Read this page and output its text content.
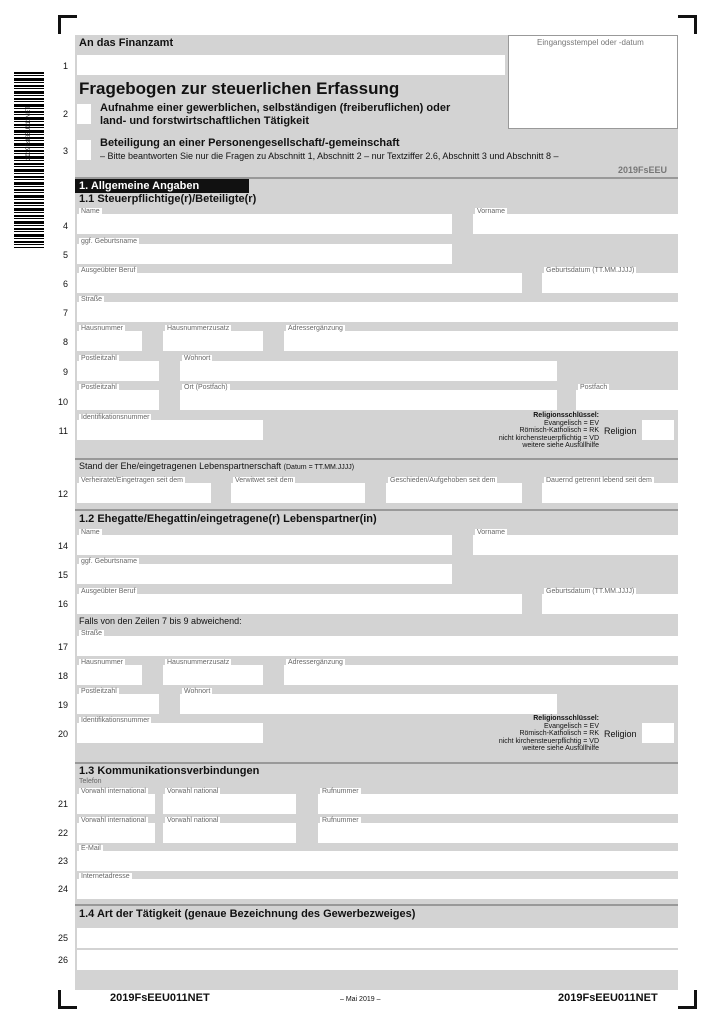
2019FsEEU011NET
An das Finanzamt	Eingangsstempel oder -datum
Fragebogen zur steuerlichen Erfassung
Aufnahme einer gewerblichen, selbständigen (freiberuflichen) oder
land- und forstwirtschaftlichen Tätigkeit
Beteiligung an einer Personengesellschaft/-gemeinschaft
– Bitte beantworten Sie nur die Fragen zu Abschnitt 1, Abschnitt 2 – nur Textziffer 2.6, Abschnitt 3 und Abschnitt 8 –
2019FsEEU
1. Allgemeine Angaben
1.1 Steuerpflichtige(r)/Beteiligte(r)
Name	Vorname
ggf. Geburtsname
Ausgeübter Beruf	Geburtsdatum (TT.MM.JJJJ)
Straße
Hausnummer	Hausnummerzusatz	Adressergänzung
Postleitzahl	Wohnort
Postleitzahl	Ort (Postfach)	Postfach
Identifikationsnummer	Religionsschlüssel:
Evangelisch = EV
Römisch-Katholisch = RK
nicht kirchensteuerpflichtig = VD
weitere siehe Ausfüllhilfe
Religion
Stand der Ehe/eingetragenen Lebenspartnerschaft (Datum = TT.MM.JJJJ)
Verheiratet/Eingetragen seit dem	Verwitwet seit dem	Geschieden/Aufgehoben seit dem	Dauernd getrennt lebend seit dem
1.2 Ehegatte/Ehegattin/eingetragene(r) Lebenspartner(in)
Name	Vorname
ggf. Geburtsname
Ausgeübter Beruf	Geburtsdatum (TT.MM.JJJJ)
Falls von den Zeilen 7 bis 9 abweichend:
Straße
Hausnummer	Hausnummerzusatz	Adressergänzung
Postleitzahl	Wohnort
Identifikationsnummer	Religionsschlüssel:
Evangelisch = EV
Römisch-Katholisch = RK
nicht kirchensteuerpflichtig = VD
weitere siehe Ausfüllhilfe
Religion
1.3 Kommunikationsverbindungen
Telefon
Vorwahl international	Vorwahl national	Rufnummer
Vorwahl international	Vorwahl national	Rufnummer
E-Mail
Internetadresse
1.4 Art der Tätigkeit (genaue Bezeichnung des Gewerbezweiges)
1
2
3
4
5
6
7
8
9
10
11
12
14
15
16
17
18
19
20
21
22
23
24
25
26
2019FsEEU011NET	– Mai 2019 –	2019FsEEU011NET
